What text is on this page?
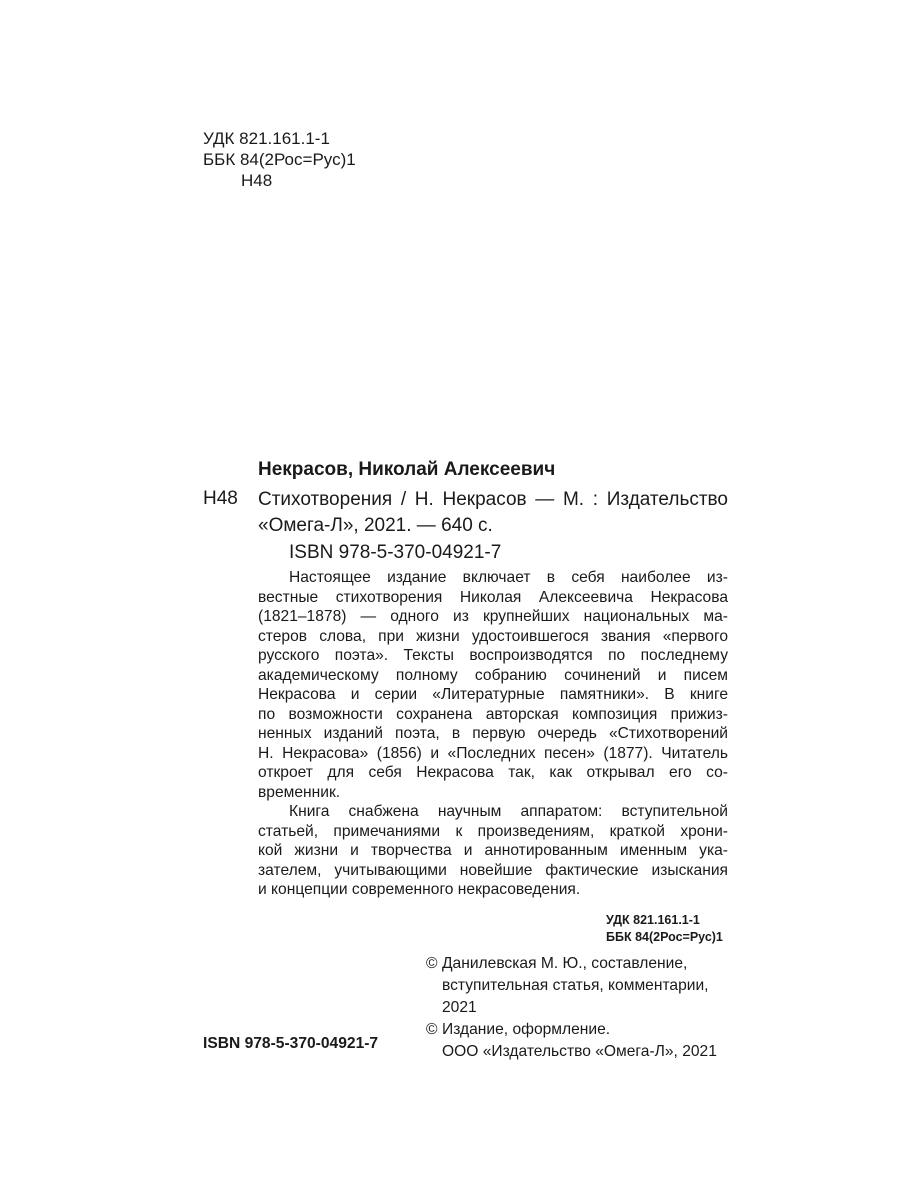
УДК 821.161.1-1
ББК 84(2Рос=Рус)1
Н48
Некрасов, Николай Алексеевич
Н48 Стихотворения / Н. Некрасов — М. : Издательство
«Омега-Л», 2021. — 640 с.
ISBN 978-5-370-04921-7
Настоящее издание включает в себя наиболее из-
вестные стихотворения Николая Алексеевича Некрасова
(1821–1878) — одного из крупнейших национальных ма-
стеров слова, при жизни удостоившегося звания «первого
русского поэта». Тексты воспроизводятся по последнему
академическому полному собранию сочинений и писем
Некрасова и серии «Литературные памятники». В книге
по возможности сохранена авторская композиция прижиз-
ненных изданий поэта, в первую очередь «Стихотворений
Н. Некрасова» (1856) и «Последних песен» (1877). Читатель
откроет для себя Некрасова так, как открывал его со-
временник.
Книга снабжена научным аппаратом: вступительной
статьей, примечаниями к произведениям, краткой хрони-
кой жизни и творчества и аннотированным именным ука-
зателем, учитывающими новейшие фактические изыскания
и концепции современного некрасоведения.
УДК 821.161.1-1
ББК 84(2Рос=Рус)1
© Данилевская М. Ю., составление,
вступительная статья, комментарии,
2021
© Издание, оформление.
ООО «Издательство «Омега-Л», 2021
ISBN 978-5-370-04921-7
